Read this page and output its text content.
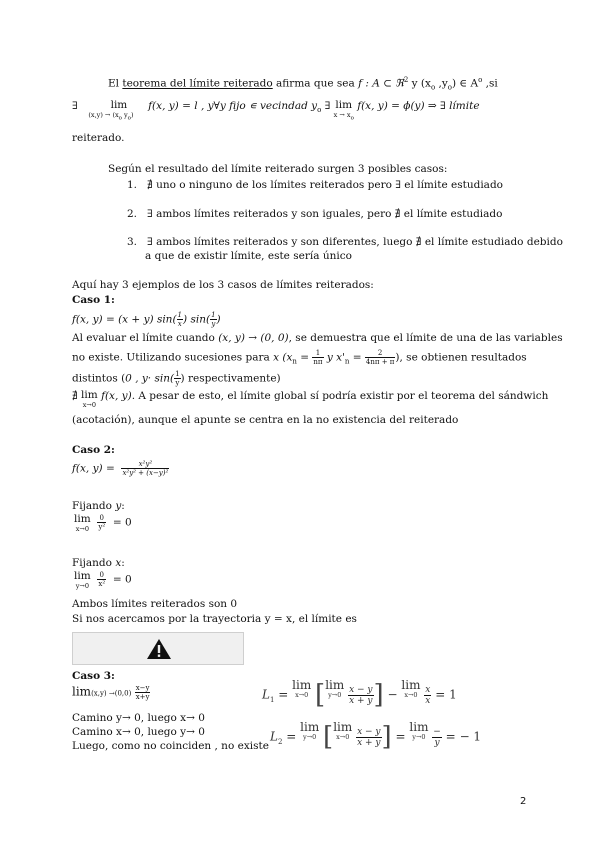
El teorema del límite reiterado afirma que sea f : A ⊂ ℜ$^2$ y ($x_o$ $,y_o$) ∈ $A^o$ ,si
∃	lim
$(x,y) \to (x_o$ $y_o$)
f(x, y) = l , y∀y fijo ∊ vecindad $y_o$ ∃ lim
$x \to x_o$
f(x, y) = ϕ(y) ⇒ ∃ límite
reiterado.
Según el resultado del límite reiterado surgen 3 posibles casos:
1. ∄ uno o ninguno de los límites reiterados pero ∃ el límite estudiado
2. ∃ ambos límites reiterados y son iguales, pero ∄ el límite estudiado
3. ∃ ambos límites reiterados y son diferentes, luego ∄ el límite estudiado debido
a que de existir límite, este sería único
Aquí hay 3 ejemplos de los 3 casos de límites reiterados:
Caso 1:
f(x, y) = (x + y) $\sin( \frac{1}{x}$ ) $\sin( \frac{1}{y}$ )
Al evaluar el límite cuando (x, y) → (0, 0), se demuestra que el límite de una de las variables
no existe. Utilizando sucesiones para x ($x_n = \frac{1}{n\pi}$ y $x'_n = \frac{2}{4n\pi + \pi}$ ), se obtienen resultados
distintos (0 , $y\cdot \sin( \frac{1}{y}$ ) respectivamente)
∄ lim
x→0
f(x, y). A pesar de esto, el límite global sí podría existir por el teorema del sándwich
(acotación), aunque el apunte se centra en la no existencia del reiterado
Caso 2:
f(x, $y) = \frac{\text{x²y²}}{\text{x²y² + (x−y)²}}$
Fijando y:
lim
x→0
$\frac{0}{\text{y²}} = 0$
Fijando x:
lim
y→0
$\frac{0}{\text{x²}} = 0$
Ambos límites reiterados son 0
Si nos acercamos por la trayectoria y = x, el límite es
Caso 3:
$\lim(x,y) \to(0,0) \frac{x-y}{x+y}$
Camino y→ 0, luego x→ 0
Camino x→ 0, luego y→ 0
Luego, como no coinciden , no existe
$L_1 = \lim$
x→0 [lim
y→0
$\frac{x - y}{x + y}$ ] − lim
x→0
$\frac{x}{x} = 1$
$L_2 = \lim$
y→0 [lim
x→0
$\frac{x - y}{x + y}$ ] = lim
y→0
$\frac{-}{y}$ = − 1
2
